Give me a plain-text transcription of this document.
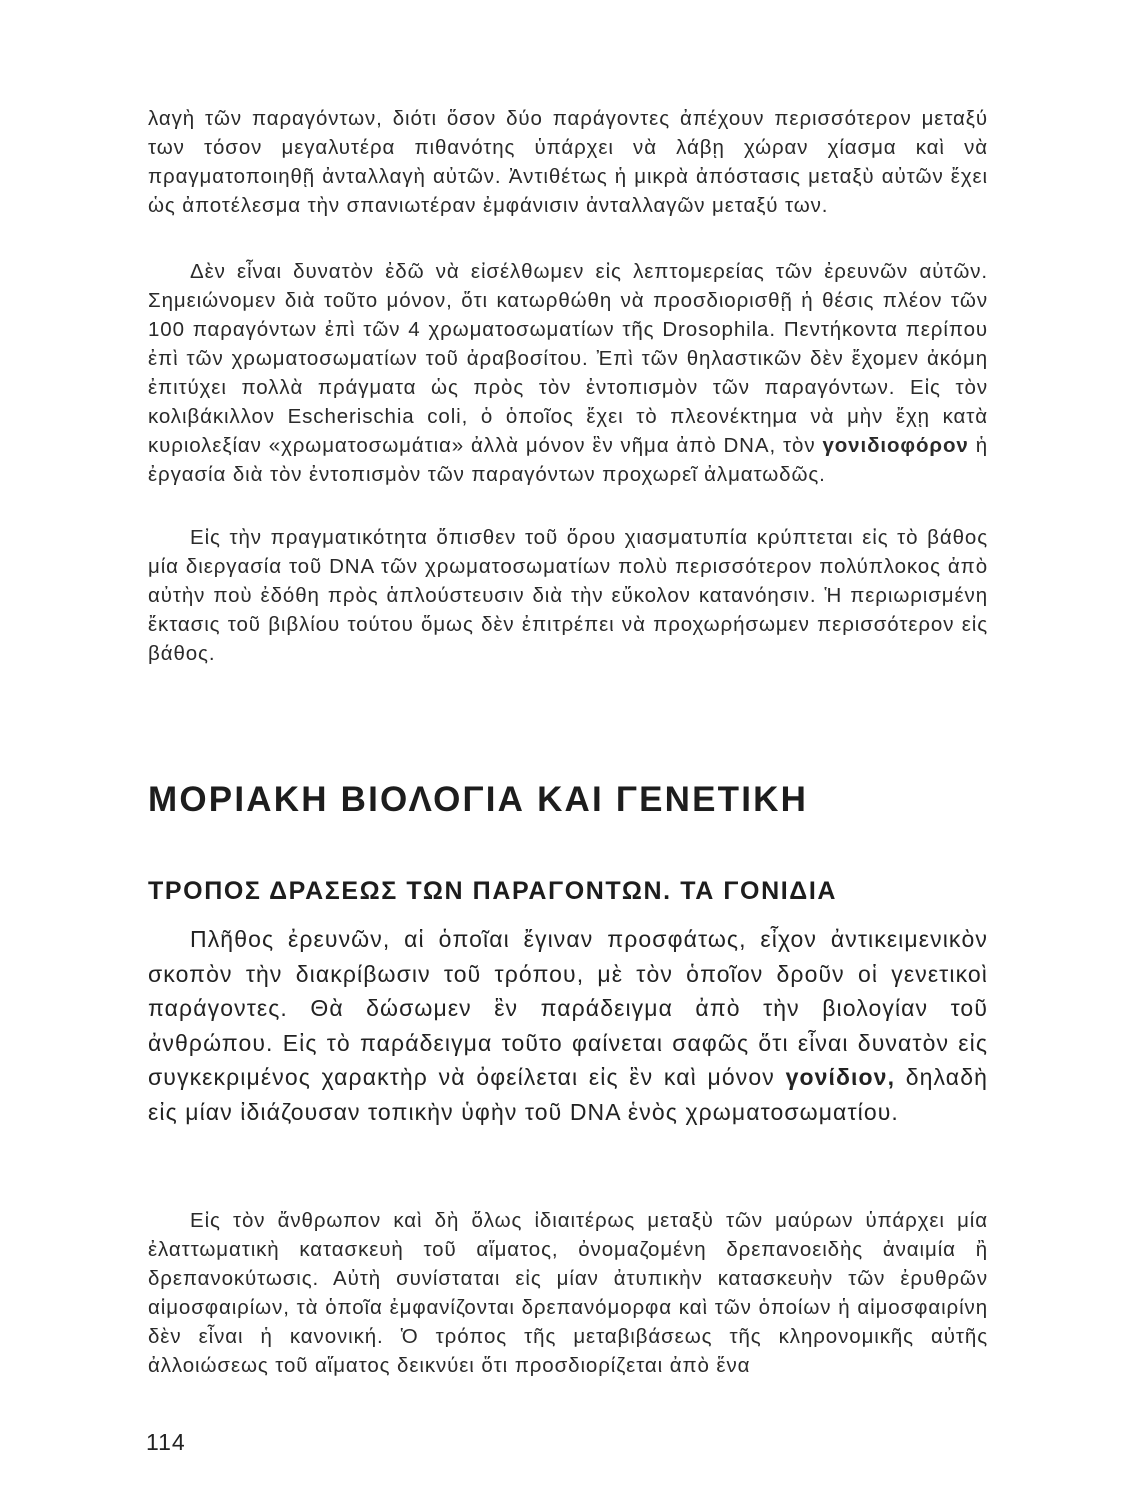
λαγὴ τῶν παραγόντων, διότι ὅσον δύο παράγοντες ἀπέχουν περισσότερον μεταξύ των τόσον μεγαλυτέρα πιθανότης ὑπάρχει νὰ λάβῃ χώραν χίασμα καὶ νὰ πραγματοποιηθῇ ἀνταλλαγὴ αὐτῶν. Ἀντιθέτως ἡ μικρὰ ἀπόστασις μεταξὺ αὐτῶν ἔχει ὡς ἀποτέλεσμα τὴν σπανιωτέραν ἐμφάνισιν ἀνταλλαγῶν μεταξύ των.

Δὲν εἶναι δυνατὸν ἐδῶ νὰ εἰσέλθωμεν εἰς λεπτομερείας τῶν ἐρευνῶν αὐτῶν. Σημειώνομεν διὰ τοῦτο μόνον, ὅτι κατωρθώθη νὰ προσδιορισθῇ ἡ θέσις πλέον τῶν 100 παραγόντων ἐπὶ τῶν 4 χρωματοσωματίων τῆς Drosophila. Πεντήκοντα περίπου ἐπὶ τῶν χρωματοσωματίων τοῦ ἀραβοσίτου. Ἐπὶ τῶν θηλαστικῶν δὲν ἔχομεν ἀκόμη ἐπιτύχει πολλὰ πράγματα ὡς πρὸς τὸν ἐντοπισμὸν τῶν παραγόντων. Εἰς τὸν κολιβάκιλλον Escherischia coli, ὁ ὁποῖος ἔχει τὸ πλεονέκτημα νὰ μὴν ἔχῃ κατὰ κυριολεξίαν «χρωματοσωμάτια» ἀλλὰ μόνον ἓν νῆμα ἀπὸ DNA, τὸν γονιδιοφόρον ἡ ἐργασία διὰ τὸν ἐντοπισμὸν τῶν παραγόντων προχωρεῖ ἀλματωδῶς.

Εἰς τὴν πραγματικότητα ὄπισθεν τοῦ ὅρου χιασματυπία κρύπτεται εἰς τὸ βάθος μία διεργασία τοῦ DNA τῶν χρωματοσωματίων πολὺ περισσότερον πολύπλοκος ἀπὸ αὐτὴν ποὺ ἐδόθη πρὸς ἁπλούστευσιν διὰ τὴν εὔκολον κατανόησιν. Ἡ περιωρισμένη ἔκτασις τοῦ βιβλίου τούτου ὅμως δὲν ἐπιτρέπει νὰ προχωρήσωμεν περισσότερον εἰς βάθος.

ΜΟΡΙΑΚΗ ΒΙΟΛΟΓΙΑ ΚΑΙ ΓΕΝΕΤΙΚΗ
ΤΡΟΠΟΣ ΔΡΑΣΕΩΣ ΤΩΝ ΠΑΡΑΓΟΝΤΩΝ. ΤΑ ΓΟΝΙΔΙΑ

Πλῆθος ἐρευνῶν, αἱ ὁποῖαι ἔγιναν προσφάτως, εἶχον ἀντικειμενικὸν σκοπὸν τὴν διακρίβωσιν τοῦ τρόπου, μὲ τὸν ὁποῖον δροῦν οἱ γενετικοὶ παράγοντες. Θὰ δώσωμεν ἓν παράδειγμα ἀπὸ τὴν βιολογίαν τοῦ ἀνθρώπου. Εἰς τὸ παράδειγμα τοῦτο φαίνεται σαφῶς ὅτι εἶναι δυνατὸν εἰς συγκεκριμένος χαρακτὴρ νὰ ὀφείλεται εἰς ἓν καὶ μόνον γονίδιον, δηλαδὴ εἰς μίαν ἰδιάζουσαν τοπικὴν ὑφὴν τοῦ DNA ἑνὸς χρωματοσωματίου.

Εἰς τὸν ἄνθρωπον καὶ δὴ ὅλως ἰδιαιτέρως μεταξὺ τῶν μαύρων ὑπάρχει μία ἐλαττωματικὴ κατασκευὴ τοῦ αἵματος, ὀνομαζομένη δρεπανοειδὴς ἀναιμία ἢ δρεπανοκύτωσις. Αὐτὴ συνίσταται εἰς μίαν ἀτυπικὴν κατασκευὴν τῶν ἐρυθρῶν αἱμοσφαιρίων, τὰ ὁποῖα ἐμφανίζονται δρεπανόμορφα καὶ τῶν ὁποίων ἡ αἱμοσφαιρίνη δὲν εἶναι ἡ κανονική. Ὁ τρόπος τῆς μεταβιβάσεως τῆς κληρονομικῆς αὐτῆς ἀλλοιώσεως τοῦ αἵματος δεικνύει ὅτι προσδιορίζεται ἀπὸ ἕνα

114
